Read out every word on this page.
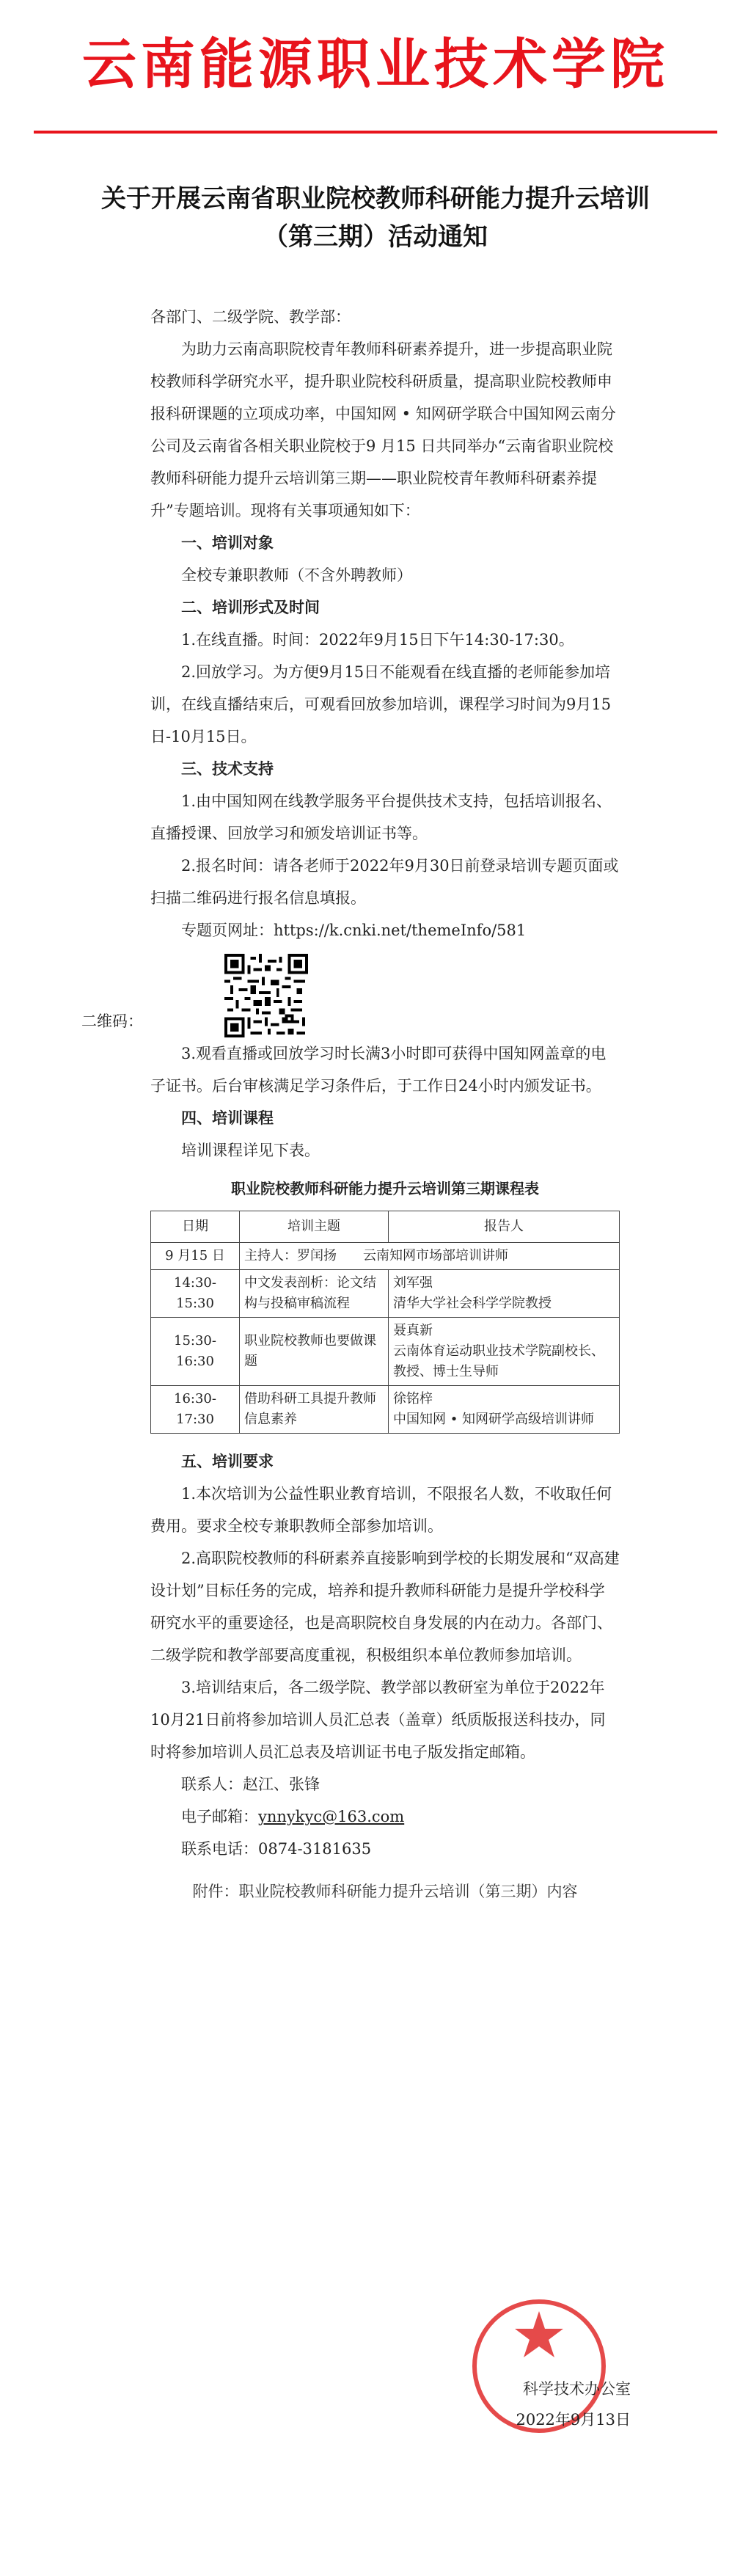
云南能源职业技术学院
关于开展云南省职业院校教师科研能力提升云培训（第三期）活动通知

各部门、二级学院、教学部：

为助力云南高职院校青年教师科研素养提升，进一步提高职业院校教师科学研究水平，提升职业院校科研质量，提高职业院校教师申报科研课题的立项成功率，中国知网 • 知网研学联合中国知网云南分公司及云南省各相关职业院校于9 月15 日共同举办“云南省职业院校教师科研能力提升云培训第三期——职业院校青年教师科研素养提升”专题培训。现将有关事项通知如下：

一、培训对象

全校专兼职教师（不含外聘教师）

二、培训形式及时间

1.在线直播。时间：2022年9月15日下午14:30-17:30。

2.回放学习。为方便9月15日不能观看在线直播的老师能参加培训，在线直播结束后，可观看回放参加培训，课程学习时间为9月15日-10月15日。

三、技术支持

1.由中国知网在线教学服务平台提供技术支持，包括培训报名、直播授课、回放学习和颁发培训证书等。

2.报名时间：请各老师于2022年9月30日前登录培训专题页面或扫描二维码进行报名信息填报。

专题页网址：https://k.cnki.net/themeInfo/581

二维码：

3.观看直播或回放学习时长满3小时即可获得中国知网盖章的电子证书。后台审核满足学习条件后，于工作日24小时内颁发证书。

四、培训课程

培训课程详见下表。

职业院校教师科研能力提升云培训第三期课程表
日期	培训主题	报告人
9 月15 日	主持人：罗闰扬　　云南知网市场部培训讲师	
14:30-15:30	中文发表剖析：论文结构与投稿审稿流程	刘军强
清华大学社会科学学院教授
15:30-16:30	职业院校教师也要做课题	聂真新
云南体育运动职业技术学院副校长、教授、博士生导师
16:30-17:30	借助科研工具提升教师信息素养	徐铭梓
中国知网 • 知网研学高级培训讲师

五、培训要求

1.本次培训为公益性职业教育培训，不限报名人数，不收取任何费用。要求全校专兼职教师全部参加培训。

2.高职院校教师的科研素养直接影响到学校的长期发展和“双高建设计划”目标任务的完成，培养和提升教师科研能力是提升学校科学研究水平的重要途径，也是高职院校自身发展的内在动力。各部门、二级学院和教学部要高度重视，积极组织本单位教师参加培训。

3.培训结束后，各二级学院、教学部以教研室为单位于2022年10月21日前将参加培训人员汇总表（盖章）纸质版报送科技办，同时将参加培训人员汇总表及培训证书电子版发指定邮箱。

联系人：赵江、张锋

电子邮箱：ynnykyc@163.com

联系电话：0874-3181635

附件：职业院校教师科研能力提升云培训（第三期）内容

科学技术办公室
2022年9月13日
